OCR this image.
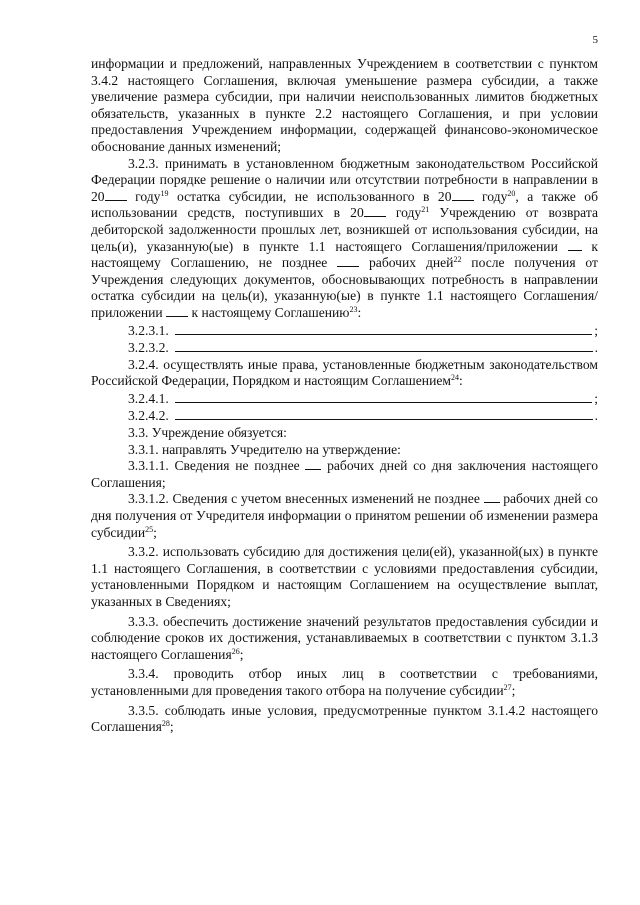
5

информации и предложений, направленных Учреждением в соответствии с пунктом 3.4.2 настоящего Соглашения, включая уменьшение размера субсидии, а также увеличение размера субсидии, при наличии неиспользованных лимитов бюджетных обязательств, указанных в пункте 2.2 настоящего Соглашения, и при условии предоставления Учреждением информации, содержащей финансово-экономическое обоснование данных изменений;

3.2.3. принимать в установленном бюджетным законодательством Российской Федерации порядке решение о наличии или отсутствии потребности в направлении в 20 году$^{19}$ остатка субсидии, не использованного в 20 году$^{20}$, а также об использовании средств, поступивших в 20 году$^{21}$ Учреждению от возврата дебиторской задолженности прошлых лет, возникшей от использования субсидии, на цель(и), указанную(ые) в пункте 1.1 настоящего Соглашения/приложении  к настоящему Соглашению, не позднее  рабочих дней$^{22}$ после получения от Учреждения следующих документов, обосновывающих потребность в направлении остатка субсидии на цель(и), указанную(ые) в пункте 1.1 настоящего Соглашения/приложении  к настоящему Соглашению$^{23}$:

3.2.3.1.	;
3.2.3.2.	.

3.2.4. осуществлять иные права, установленные бюджетным законодательством Российской Федерации, Порядком и настоящим Соглашением$^{24}$:

3.2.4.1.	;
3.2.4.2.	.

3.3. Учреждение обязуется:

3.3.1. направлять Учредителю на утверждение:

3.3.1.1. Сведения не позднее  рабочих дней со дня заключения настоящего Соглашения;

3.3.1.2. Сведения с учетом внесенных изменений не позднее  рабочих дней со дня получения от Учредителя информации о принятом решении об изменении размера субсидии$^{25}$;

3.3.2. использовать субсидию для достижения цели(ей), указанной(ых) в пункте 1.1 настоящего Соглашения, в соответствии с условиями предоставления субсидии, установленными Порядком и настоящим Соглашением на осуществление выплат, указанных в Сведениях;

3.3.3. обеспечить достижение значений результатов предоставления субсидии и соблюдение сроков их достижения, устанавливаемых в соответствии с пунктом 3.1.3 настоящего Соглашения$^{26}$;

3.3.4. проводить отбор иных лиц в соответствии с требованиями, установленными для проведения такого отбора на получение субсидии$^{27}$;

3.3.5. соблюдать иные условия, предусмотренные пунктом 3.1.4.2 настоящего Соглашения$^{28}$;
